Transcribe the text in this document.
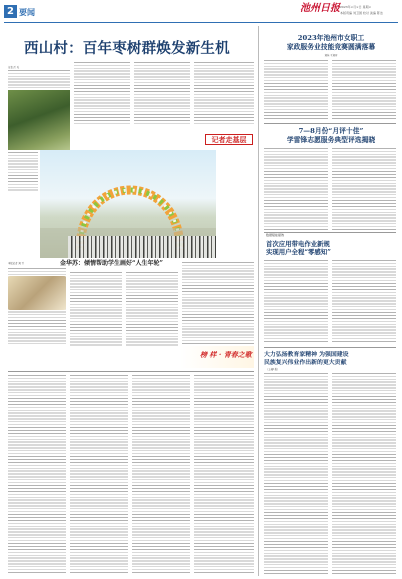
2 要闻	池州日报 2023年×月×日 星期×
本版责编 刘卫国 校对 美编 陈洁
西山村：百年枣树群焕发新生机
记者 汪 天
记者走基层
金华苏：倾情帮助学生画好“人生年轮”
本报记者 刘 卫
榜 样 · 青春之歌
2023年池州市女职工
家政服务业技能竞赛圆满落幕
刘佳 王刘芳
7—8月份“月评十佳”
学雷锋志愿服务典型评选揭晓
数据赋能提效
首次应用带电作业新规
实现用户全程“零感知”
大力弘扬教育家精神 为强国建设
民族复兴伟业作出新的更大贡献
（上接1版）
